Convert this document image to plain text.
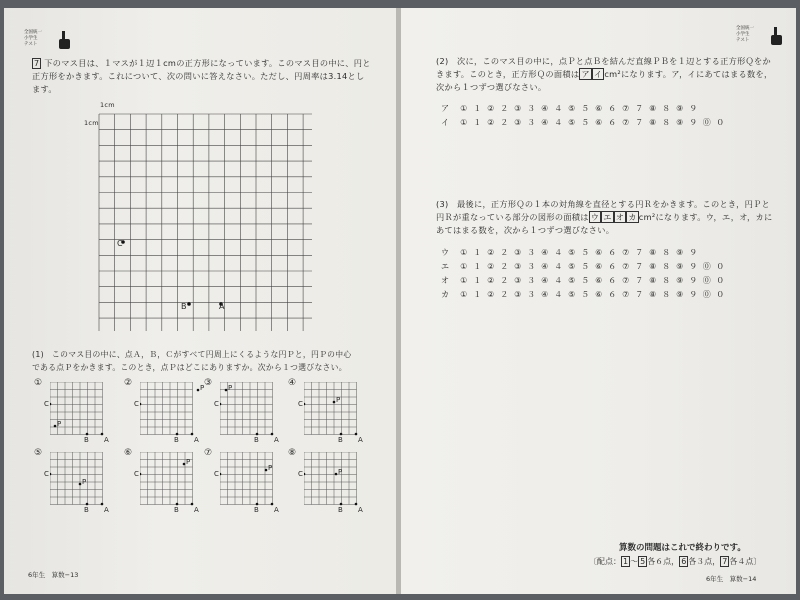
全国統一
小学生
テスト
7 下のマス目は、１マスが１辺１cmの正方形になっています。このマス目の中に、円と
正方形をかきます。これについて、次の問いに答えなさい。ただし、円周率は3.14とし
ます。
1cm
1cm
C
B	A
(1)　このマス目の中に、点Ａ，Ｂ，Ｃがすべて円周上にくるような円Ｐと，円Ｐの中心
である点Ｐをかきます。このとき，点Ｐはどこにありますか。次から１つ選びなさい。
①
C
B A
P
②
C
B A
P ③
C
B A
P	④
C
B A
P
⑤
C
B A
P
⑥
C
B A
P
⑦
C
B A
P
⑧
C
B A
P
6年生　算数−13
全国統一
小学生
テスト
(2)　次に，このマス目の中に，点Ｐと点Ｂを結んだ直線ＰＢを１辺とする正方形Ｑをか
きます。このとき，正方形Ｑの面積は ア イ cm²になります。ア，イにあてはまる数を，
次から１つずつ選びなさい。
ア ① １ ② ２ ③ ３ ④ ４ ⑤ ５ ⑥ ６ ⑦ ７ ⑧ ８ ⑨ ９
イ ① １ ② ２ ③ ３ ④ ４ ⑤ ５ ⑥ ６ ⑦ ７ ⑧ ８ ⑨ ９ ⓪ ０
(3)　最後に，正方形Ｑの１本の対角線を直径とする円Ｒをかきます。このとき，円Ｐと
円Ｒが重なっている部分の図形の面積は ウ エ オ カ cm²になります。ウ，エ，オ，カに
あてはまる数を，次から１つずつ選びなさい。
ウ ① １ ② ２ ③ ３ ④ ４ ⑤ ５ ⑥ ６ ⑦ ７ ⑧ ８ ⑨ ９
エ ① １ ② ２ ③ ３ ④ ４ ⑤ ５ ⑥ ６ ⑦ ７ ⑧ ８ ⑨ ９ ⓪ ０
オ ① １ ② ２ ③ ３ ④ ４ ⑤ ５ ⑥ ６ ⑦ ７ ⑧ ８ ⑨ ９ ⓪ ０
カ ① １ ② ２ ③ ３ ④ ４ ⑤ ５ ⑥ ６ ⑦ ７ ⑧ ８ ⑨ ９ ⓪ ０
算数の問題はこれで終わりです。
〔配点： 1 〜 5 各６点， 6 各３点， 7 各４点〕
6年生　算数−14
